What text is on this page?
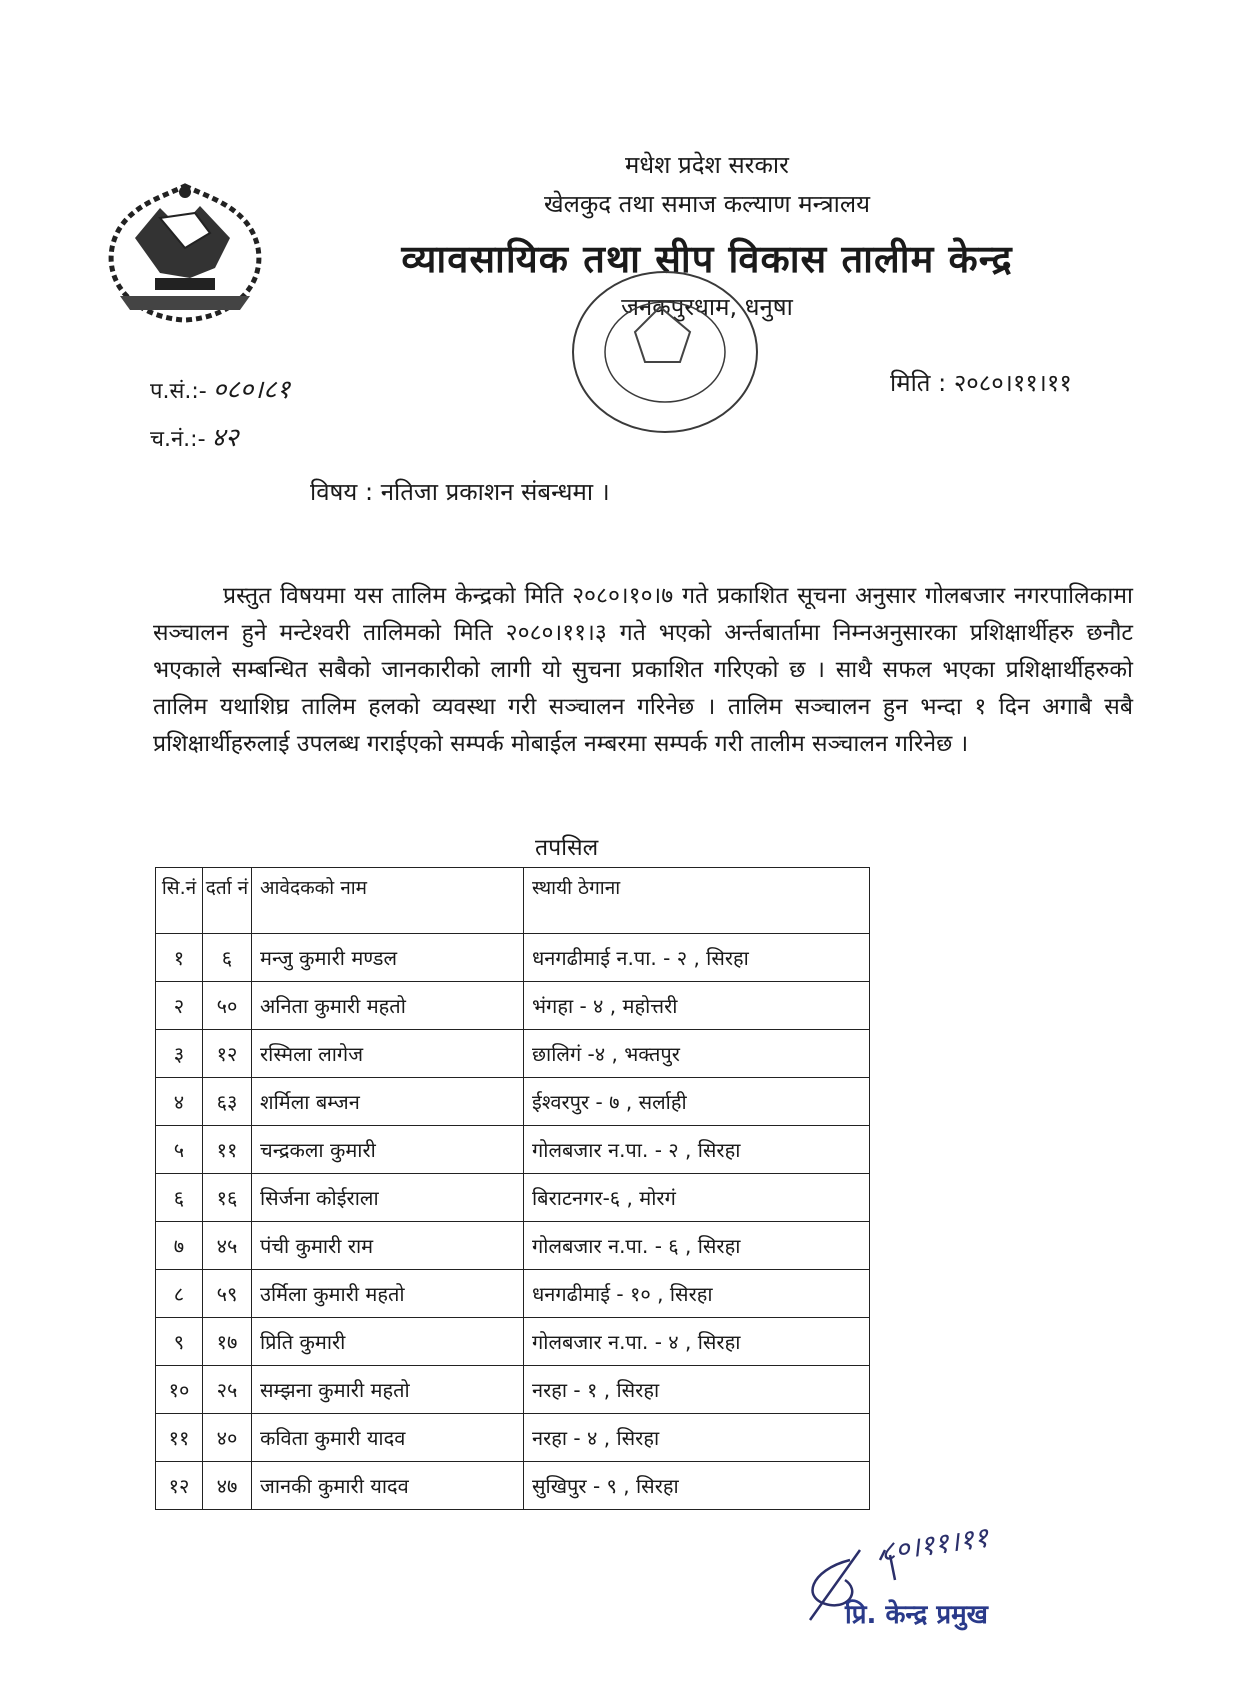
मधेश प्रदेश सरकार
खेलकुद तथा समाज कल्याण मन्त्रालय
व्यावसायिक तथा सीप विकास तालीम केन्द्र
जनकपुरधाम, धनुषा
प.सं.:- ०८०।८१
च.नं.:- ४२
मिति : २०८०।११।११
विषय : नतिजा प्रकाशन संबन्धमा ।
प्रस्तुत विषयमा यस तालिम केन्द्रको मिति २०८०।१०।७ गते प्रकाशित सूचना अनुसार गोलबजार नगरपालिकामा सञ्चालन हुने मन्टेश्वरी तालिमको मिति २०८०।११।३ गते भएको अर्न्तबार्तामा निम्नअनुसारका प्रशिक्षार्थीहरु छनौट भएकाले सम्बन्धित सबैको जानकारीको लागी यो सुचना प्रकाशित गरिएको छ । साथै सफल भएका प्रशिक्षार्थीहरुको तालिम यथाशिघ्र तालिम हलको व्यवस्था गरी सञ्चालन गरिनेछ । तालिम सञ्चालन हुन भन्दा १ दिन अगाबै सबै प्रशिक्षार्थीहरुलाई उपलब्ध गराईएको सम्पर्क मोबाईल नम्बरमा सम्पर्क गरी तालीम सञ्चालन गरिनेछ ।
तपसिल
सि.नं	दर्ता नं	आवेदकको नाम	स्थायी ठेगाना
१	६	मन्जु कुमारी मण्डल	धनगढीमाई न.पा. - २ , सिरहा
२	५०	अनिता कुमारी महतो	भंगहा - ४ , महोत्तरी
३	१२	रस्मिला लागेज	छालिगं -४ , भक्तपुर
४	६३	शर्मिला बम्जन	ईश्वरपुर - ७ , सर्लाही
५	११	चन्द्रकला कुमारी	गोलबजार न.पा. - २ , सिरहा
६	१६	सिर्जना कोईराला	बिराटनगर-६ , मोरगं
७	४५	पंची कुमारी राम	गोलबजार न.पा. - ६ , सिरहा
८	५९	उर्मिला कुमारी महतो	धनगढीमाई - १० , सिरहा
९	१७	प्रिति कुमारी	गोलबजार न.पा. - ४ , सिरहा
१०	२५	सम्झना कुमारी महतो	नरहा - १ , सिरहा
११	४०	कविता कुमारी यादव	नरहा - ४ , सिरहा
१२	४७	जानकी कुमारी यादव	सुखिपुर - ९ , सिरहा
८०।११।११
प्रि. केन्द्र प्रमुख
